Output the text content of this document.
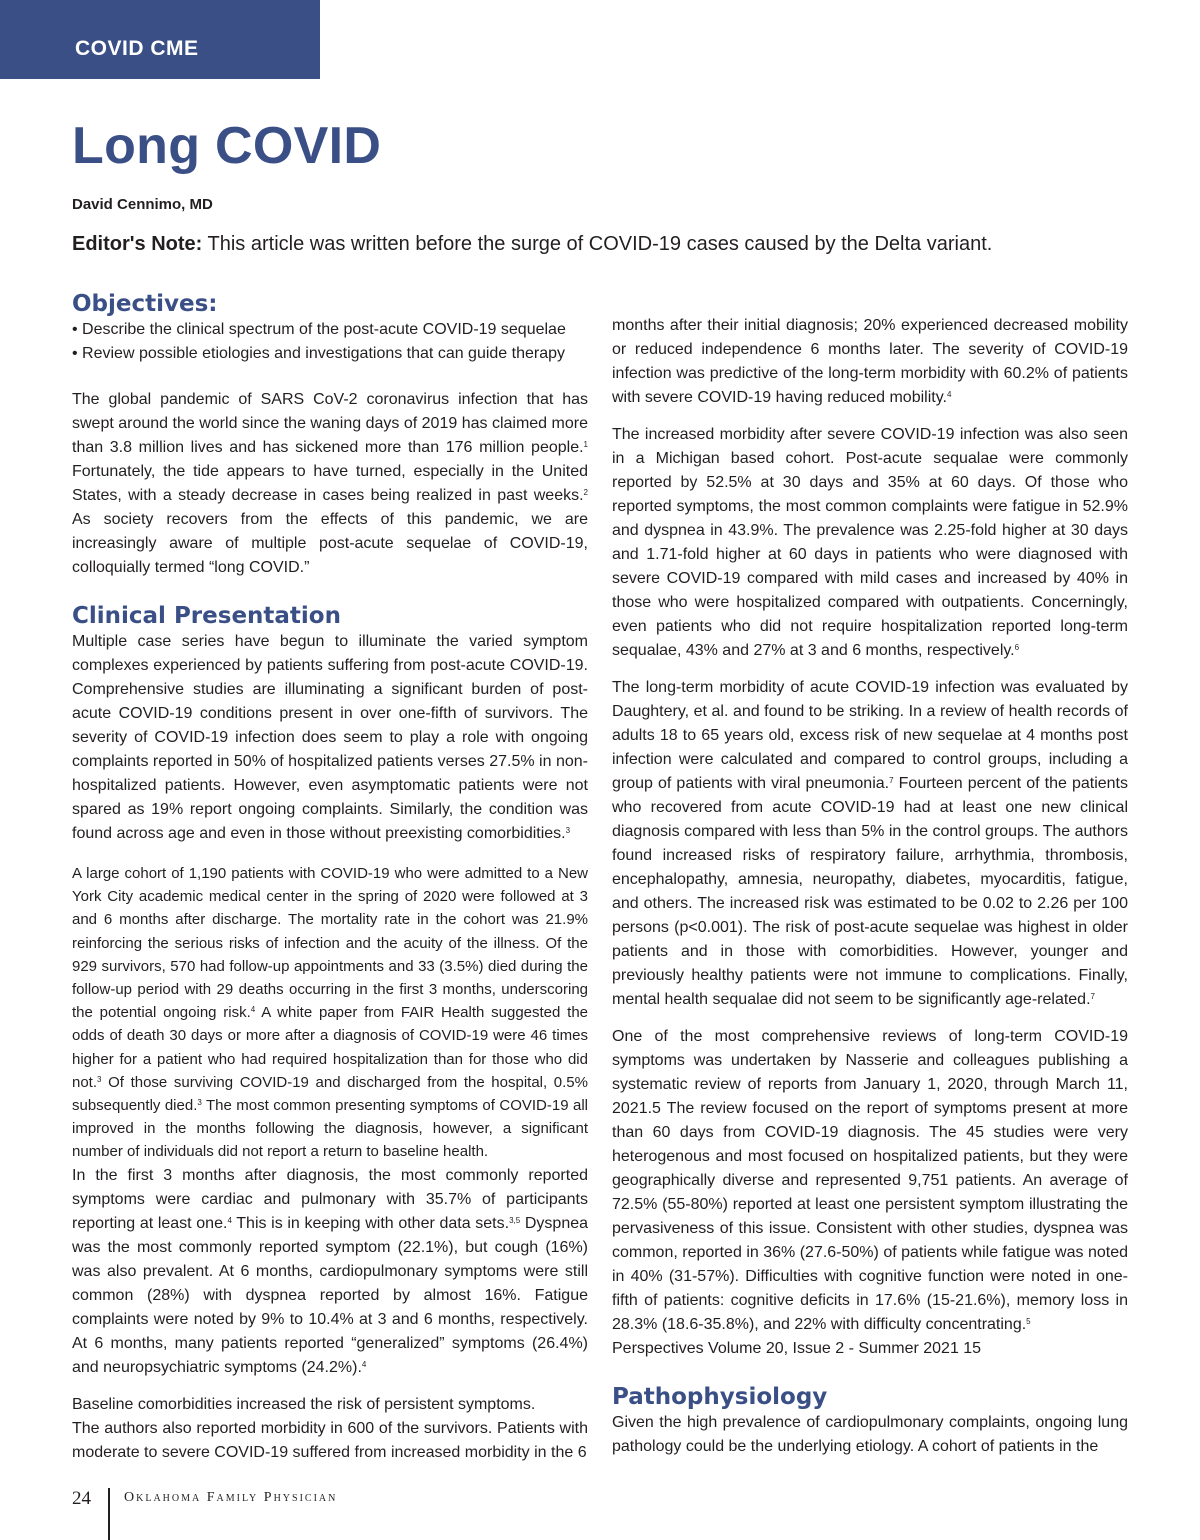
COVID CME
Long COVID
David Cennimo, MD
Editor's Note: This article was written before the surge of COVID-19 cases caused by the Delta variant.
Objectives:
• Describe the clinical spectrum of the post-acute COVID-19 sequelae
• Review possible etiologies and investigations that can guide therapy

The global pandemic of SARS CoV-2 coronavirus infection that has swept around the world since the waning days of 2019 has claimed more than 3.8 million lives and has sickened more than 176 million people.$^1$ Fortunately, the tide appears to have turned, especially in the United States, with a steady decrease in cases being realized in past weeks.$^2$ As society recovers from the effects of this pandemic, we are increasingly aware of multiple post-acute sequelae of COVID-19, colloquially termed “long COVID.”

Clinical Presentation

Multiple case series have begun to illuminate the varied symptom complexes experienced by patients suffering from post-acute COVID-19. Comprehensive studies are illuminating a significant burden of post-acute COVID-19 conditions present in over one-fifth of survivors. The severity of COVID-19 infection does seem to play a role with ongoing complaints reported in 50% of hospitalized patients verses 27.5% in non-hospitalized patients. However, even asymptomatic patients were not spared as 19% report ongoing complaints. Similarly, the condition was found across age and even in those without preexisting comorbidities.$^3$

A large cohort of 1,190 patients with COVID-19 who were admitted to a New York City academic medical center in the spring of 2020 were followed at 3 and 6 months after discharge. The mortality rate in the cohort was 21.9% reinforcing the serious risks of infection and the acuity of the illness. Of the 929 survivors, 570 had follow-up appointments and 33 (3.5%) died during the follow-up period with 29 deaths occurring in the first 3 months, underscoring the potential ongoing risk.$^4$ A white paper from FAIR Health suggested the odds of death 30 days or more after a diagnosis of COVID-19 were 46 times higher for a patient who had required hospitalization than for those who did not.$^3$ Of those surviving COVID-19 and discharged from the hospital, 0.5% subsequently died.$^3$ The most common presenting symptoms of COVID-19 all improved in the months following the diagnosis, however, a significant number of individuals did not report a return to baseline health.

In the first 3 months after diagnosis, the most commonly reported symptoms were cardiac and pulmonary with 35.7% of participants reporting at least one.$^4$ This is in keeping with other data sets.$^{3,5}$ Dyspnea was the most commonly reported symptom (22.1%), but cough (16%) was also prevalent. At 6 months, cardiopulmonary symptoms were still common (28%) with dyspnea reported by almost 16%. Fatigue complaints were noted by 9% to 10.4% at 3 and 6 months, respectively. At 6 months, many patients reported “generalized” symptoms (26.4%) and neuropsychiatric symptoms (24.2%).$^4$

Baseline comorbidities increased the risk of persistent symptoms.
The authors also reported morbidity in 600 of the survivors. Patients with moderate to severe COVID-19 suffered from increased morbidity in the 6

months after their initial diagnosis; 20% experienced decreased mobility or reduced independence 6 months later. The severity of COVID-19 infection was predictive of the long-term morbidity with 60.2% of patients with severe COVID-19 having reduced mobility.$^4$

The increased morbidity after severe COVID-19 infection was also seen in a Michigan based cohort. Post-acute sequalae were commonly reported by 52.5% at 30 days and 35% at 60 days. Of those who reported symptoms, the most common complaints were fatigue in 52.9% and dyspnea in 43.9%. The prevalence was 2.25-fold higher at 30 days and 1.71-fold higher at 60 days in patients who were diagnosed with severe COVID-19 compared with mild cases and increased by 40% in those who were hospitalized compared with outpatients. Concerningly, even patients who did not require hospitalization reported long-term sequalae, 43% and 27% at 3 and 6 months, respectively.$^6$

The long-term morbidity of acute COVID-19 infection was evaluated by Daughtery, et al. and found to be striking. In a review of health records of adults 18 to 65 years old, excess risk of new sequelae at 4 months post infection were calculated and compared to control groups, including a group of patients with viral pneumonia.$^7$ Fourteen percent of the patients who recovered from acute COVID-19 had at least one new clinical diagnosis compared with less than 5% in the control groups. The authors found increased risks of respiratory failure, arrhythmia, thrombosis, encephalopathy, amnesia, neuropathy, diabetes, myocarditis, fatigue, and others. The increased risk was estimated to be 0.02 to 2.26 per 100 persons (p<0.001). The risk of post-acute sequelae was highest in older patients and in those with comorbidities. However, younger and previously healthy patients were not immune to complications. Finally, mental health sequalae did not seem to be significantly age-related.$^7$

One of the most comprehensive reviews of long-term COVID-19 symptoms was undertaken by Nasserie and colleagues publishing a systematic review of reports from January 1, 2020, through March 11, 2021.5 The review focused on the report of symptoms present at more than 60 days from COVID-19 diagnosis. The 45 studies were very heterogenous and most focused on hospitalized patients, but they were geographically diverse and represented 9,751 patients. An average of 72.5% (55-80%) reported at least one persistent symptom illustrating the pervasiveness of this issue. Consistent with other studies, dyspnea was common, reported in 36% (27.6-50%) of patients while fatigue was noted in 40% (31-57%). Difficulties with cognitive function were noted in one-fifth of patients: cognitive deficits in 17.6% (15-21.6%), memory loss in 28.3% (18.6-35.8%), and 22% with difficulty concentrating.$^5$
Perspectives Volume 20, Issue 2 - Summer 2021 15

Pathophysiology

Given the high prevalence of cardiopulmonary complaints, ongoing lung pathology could be the underlying etiology. A cohort of patients in the

24 Oklahoma Family Physician
